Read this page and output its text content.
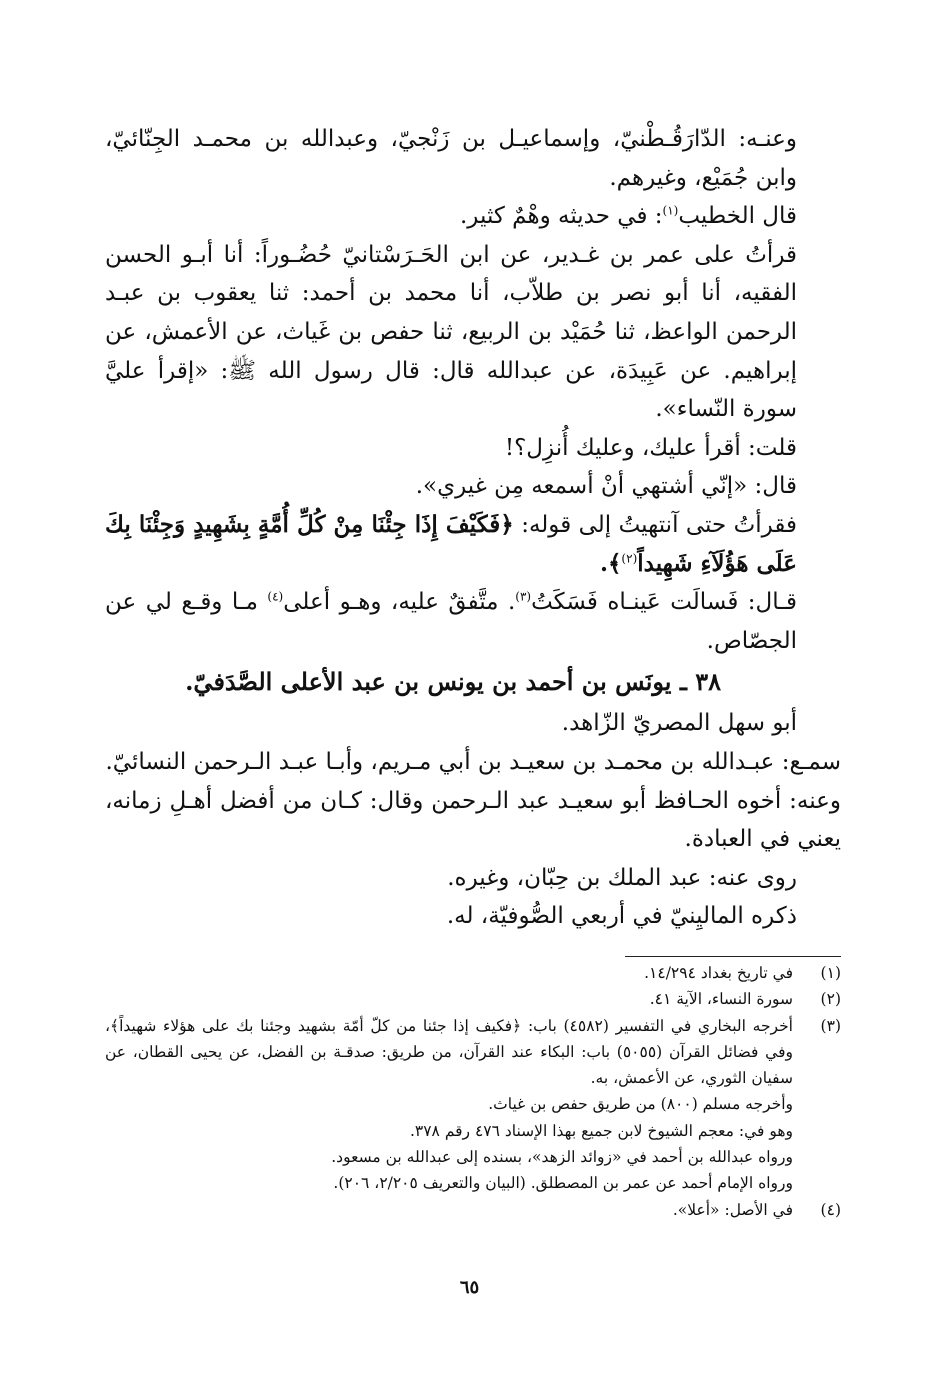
وعنـه: الدّارَقُـطْنيّ، وإسماعيـل بن زَنْجيّ، وعبدالله بن محمـد الجِنّائيّ، وابن جُمَيْع، وغيرهم.

قال الخطيب$^{(١)}$: في حديثه وهْمٌ كثير.

قرأتُ على عمر بن غـدير، عن ابن الحَـرَسْتانيّ حُضُـوراً: أنا أبـو الحسن الفقيه، أنا أبو نصر بن طلاّب، أنا محمد بن أحمد: ثنا يعقوب بن عبـد الرحمن الواعظ، ثنا حُمَيْد بن الربيع، ثنا حفص بن غَياث، عن الأعمش، عن إبراهيم. عن عَبِيدَة، عن عبدالله قال: قال رسول الله ﷺ: «إقرأ عليَّ سورة النّساء».

قلت: أقرأ عليك، وعليك أُنزِل؟!

قال: «إنّي أشتهي أنْ أسمعه مِن غيري».

فقرأتُ حتى آنتهيتُ إلى قوله: ﴿فَكَيْفَ إِذَا جِئْنَا مِنْ كُلِّ أُمَّةٍ بِشَهِيدٍ وَجِئْنَا بِكَ عَلَى هَؤُلَآءِ شَهِيداً$^{(٢)}$﴾.

قـال: فَسالَت عَينـاه فَسَكَتُ$^{(٣)}$. متَّفقٌ عليه، وهـو أعلى$^{(٤)}$ مـا وقـع لي عن الجصّاص.

٣٨ ـ يونَس بن أحمد بن يونس بن عبد الأعلى الصَّدَفيّ.

أبو سهل المصريّ الزّاهد.

سمـع: عبـدالله بن محمـد بن سعيـد بن أبي مـريم، وأبـا عبـد الـرحمن النسائيّ.

وعنه: أخوه الحـافظ أبو سعيـد عبد الـرحمن وقال: كـان من أفضل أهـلِ زمانه، يعني في العبادة.

روى عنه: عبد الملك بن حِبّان، وغيره.

ذكره الماليِنيّ في أربعي الصُّوفيّة، له.

(١)
في تاريخ بغداد ١٤/٢٩٤.
(٢)
سورة النساء، الآية ٤١.
(٣)
أخرجه البخاري في التفسير (٤٥٨٢) باب: ﴿فكيف إذا جئنا من كلّ أمّة بشهيد وجئنا بك على هؤلاء شهيداً﴾، وفي فضائل القرآن (٥٠٥٥) باب: البكاء عند القرآن، من طريق: صدقـة بن الفضل، عن يحيى القطان، عن سفيان الثوري، عن الأعمش، به.
وأخرجه مسلم (٨٠٠) من طريق حفص بن غياث.
وهو في: معجم الشيوخ لابن جميع بهذا الإسناد ٤٧٦ رقم ٣٧٨.
ورواه عبدالله بن أحمد في «زوائد الزهد»، بسنده إلى عبدالله بن مسعود.
ورواه الإمام أحمد عن عمر بن المصطلق. (البيان والتعريف ٢/٢٠٥، ٢٠٦).
(٤)
في الأصل: «أعلا».
٦٥
